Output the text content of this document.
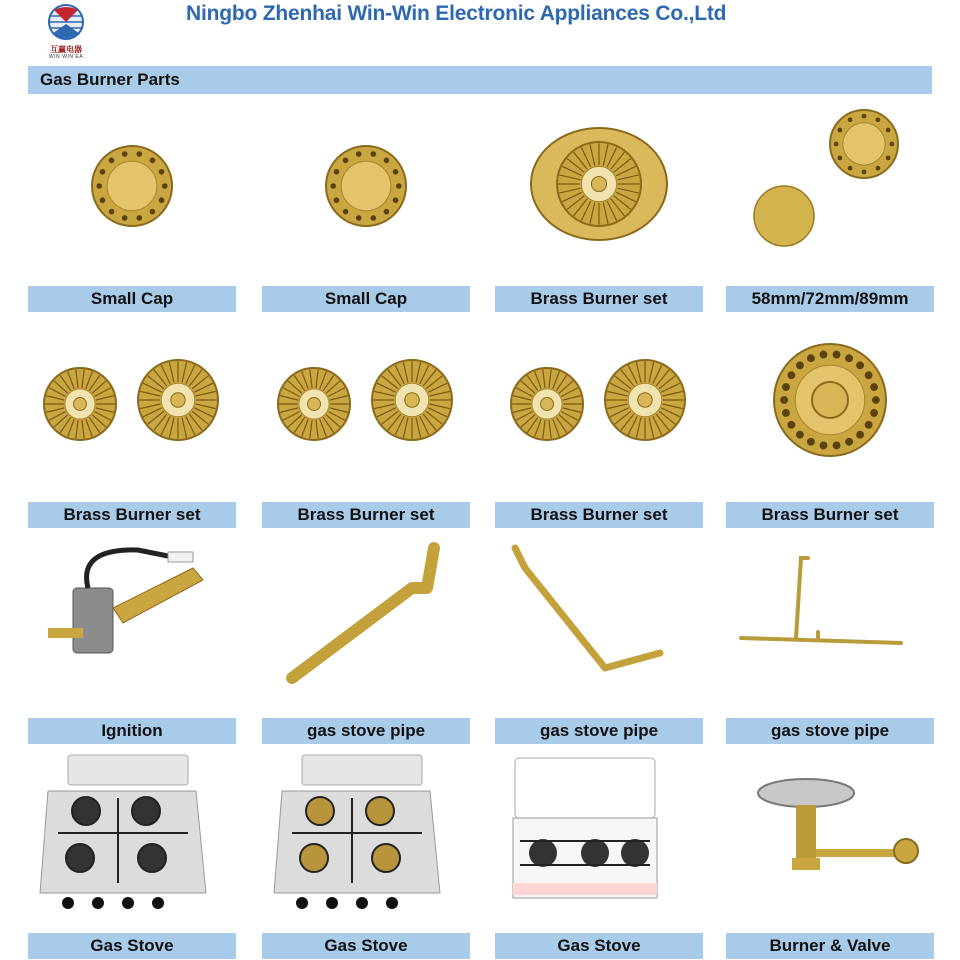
互赢电器
WIN·WIN EA
Ningbo Zhenhai Win-Win Electronic Appliances Co.,Ltd
Gas Burner Parts
Small Cap	Small Cap	Brass Burner set	58mm/72mm/89mm
Brass Burner set	Brass Burner set	Brass Burner set	Brass Burner set
Ignition	gas stove pipe	gas stove pipe	gas stove pipe
Gas Stove	Gas Stove	Gas Stove	Burner & Valve
